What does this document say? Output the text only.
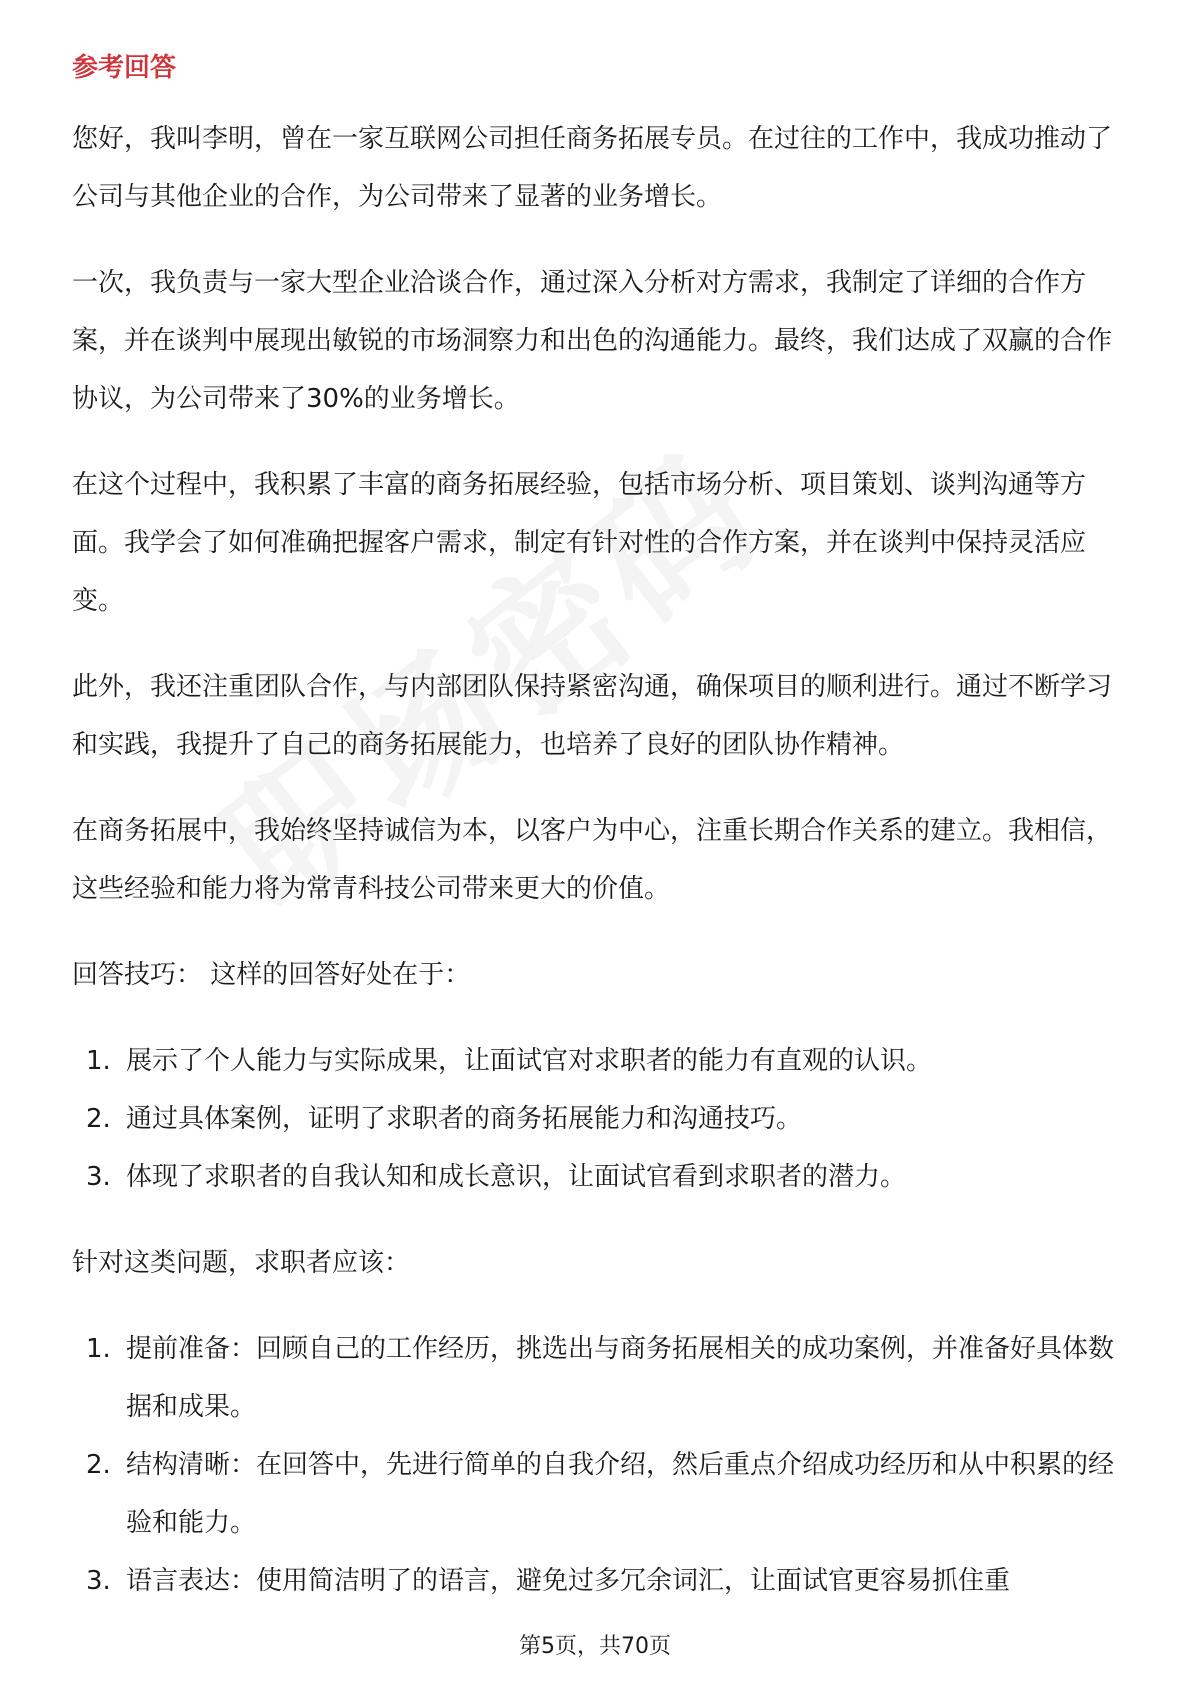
参考回答

您好，我叫李明，曾在一家互联网公司担任商务拓展专员。在过往的工作中，我成功推动了公司与其他企业的合作，为公司带来了显著的业务增长。

一次，我负责与一家大型企业洽谈合作，通过深入分析对方需求，我制定了详细的合作方案，并在谈判中展现出敏锐的市场洞察力和出色的沟通能力。最终，我们达成了双赢的合作协议，为公司带来了30%的业务增长。

在这个过程中，我积累了丰富的商务拓展经验，包括市场分析、项目策划、谈判沟通等方面。我学会了如何准确把握客户需求，制定有针对性的合作方案，并在谈判中保持灵活应变。

此外，我还注重团队合作，与内部团队保持紧密沟通，确保项目的顺利进行。通过不断学习和实践，我提升了自己的商务拓展能力，也培养了良好的团队协作精神。

在商务拓展中，我始终坚持诚信为本，以客户为中心，注重长期合作关系的建立。我相信，这些经验和能力将为常青科技公司带来更大的价值。

回答技巧： 这样的回答好处在于：

1. 展示了个人能力与实际成果，让面试官对求职者的能力有直观的认识。
2. 通过具体案例，证明了求职者的商务拓展能力和沟通技巧。
3. 体现了求职者的自我认知和成长意识，让面试官看到求职者的潜力。

针对这类问题，求职者应该：

1. 提前准备：回顾自己的工作经历，挑选出与商务拓展相关的成功案例，并准备好具体数据和成果。
2. 结构清晰：在回答中，先进行简单的自我介绍，然后重点介绍成功经历和从中积累的经验和能力。
3. 语言表达：使用简洁明了的语言，避免过多冗余词汇，让面试官更容易抓住重
第5页，共70页
